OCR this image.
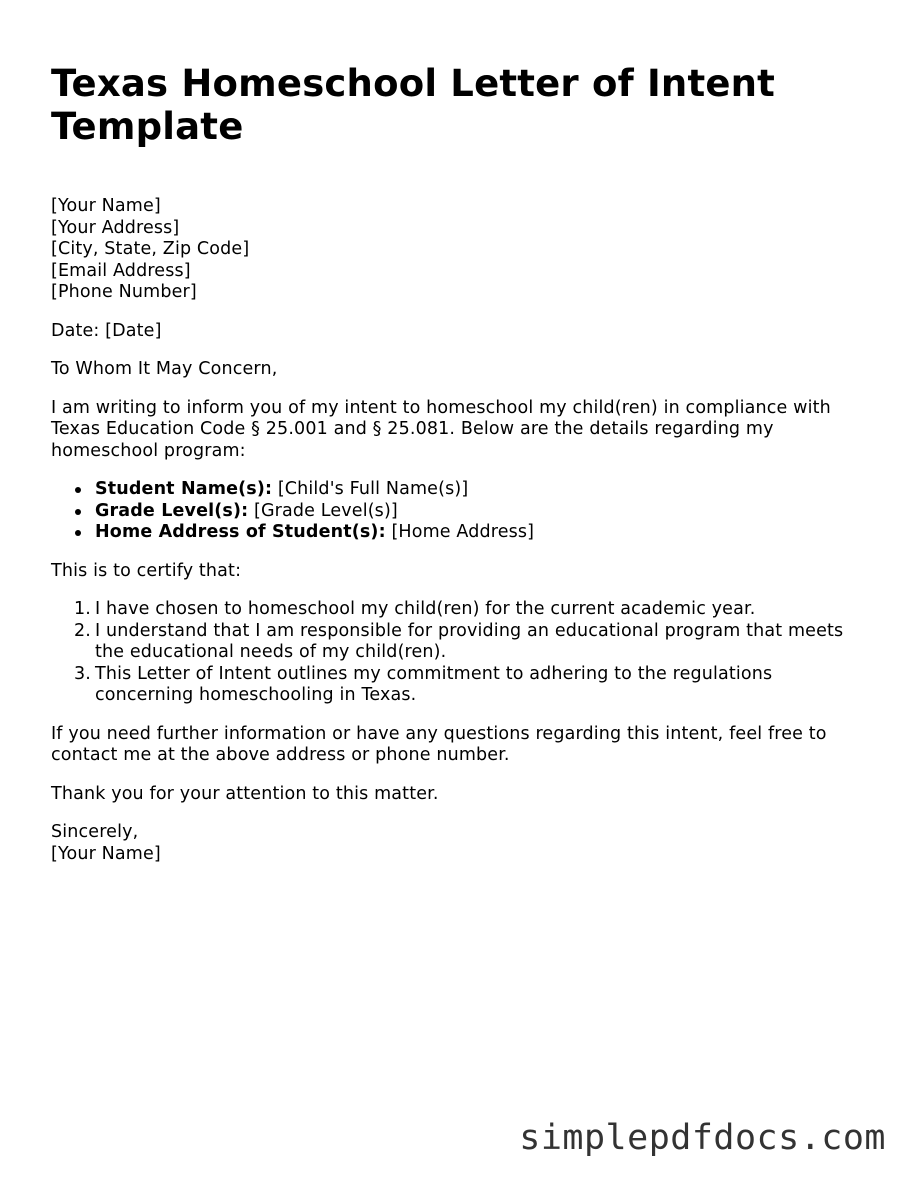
Texas Homeschool Letter of Intent Template
[Your Name]
[Your Address]
[City, State, Zip Code]
[Email Address]
[Phone Number]

Date: [Date]

To Whom It May Concern,

I am writing to inform you of my intent to homeschool my child(ren) in compliance with Texas Education Code § 25.001 and § 25.081. Below are the details regarding my homeschool program:

Student Name(s): [Child's Full Name(s)]
Grade Level(s): [Grade Level(s)]
Home Address of Student(s): [Home Address]

This is to certify that:

1. I have chosen to homeschool my child(ren) for the current academic year.
2. I understand that I am responsible for providing an educational program that meets the educational needs of my child(ren).
3. This Letter of Intent outlines my commitment to adhering to the regulations concerning homeschooling in Texas.

If you need further information or have any questions regarding this intent, feel free to contact me at the above address or phone number.

Thank you for your attention to this matter.

Sincerely,
[Your Name]
simplepdfdocs.com
